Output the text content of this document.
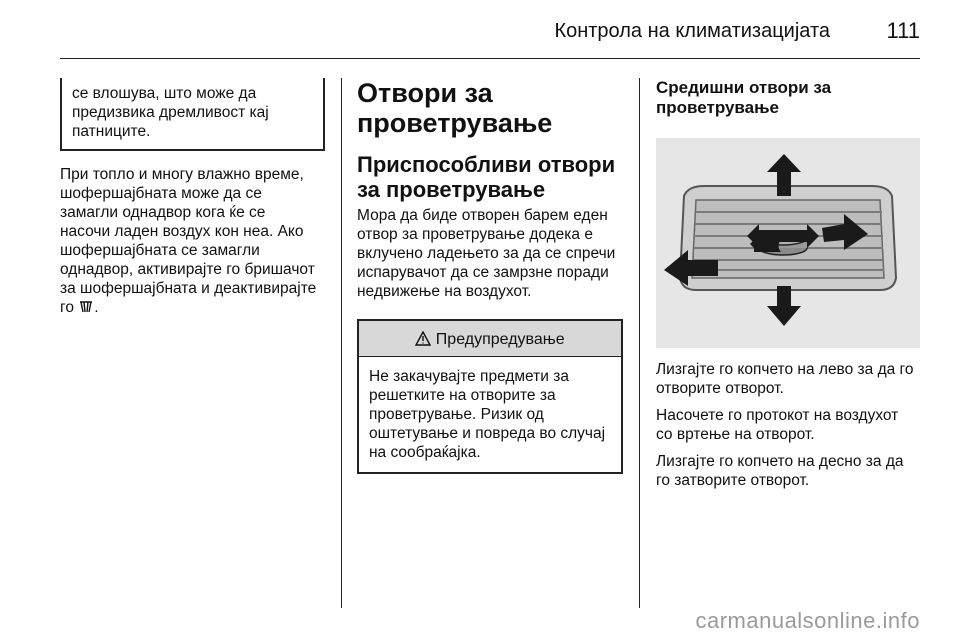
Контрола на климатизацијата	111
се влошува, што може да
предизвика дремливост кај
патниците.
При топло и многу влажно време,
шофершајбната може да се
замагли однадвор кога ќе се
насочи ладен воздух кон неа. Ако
шофершајбната се замагли
однадвор, активирајте го бришачот
за шофершајбната и деактивирајте
го .
Отвори за
проветрување
Приспособливи отвори
за проветрување
Мора да биде отворен барем еден
отвор за проветрување додека е
вклучено ладењето за да се спречи
испарувачот да се замрзне поради
недвижење на воздухот.
Предупредување
Не закачувајте предмети за
решетките на отворите за
проветрување. Ризик од
оштетување и повреда во случај
на сообраќајка.
Средишни отвори за
проветрување
Лизгајте го копчето на лево за да го
отворите отворот.
Насочете го протокот на воздухот
со вртење на отворот.
Лизгајте го копчето на десно за да
го затворите отворот.
carmanualsonline.info
